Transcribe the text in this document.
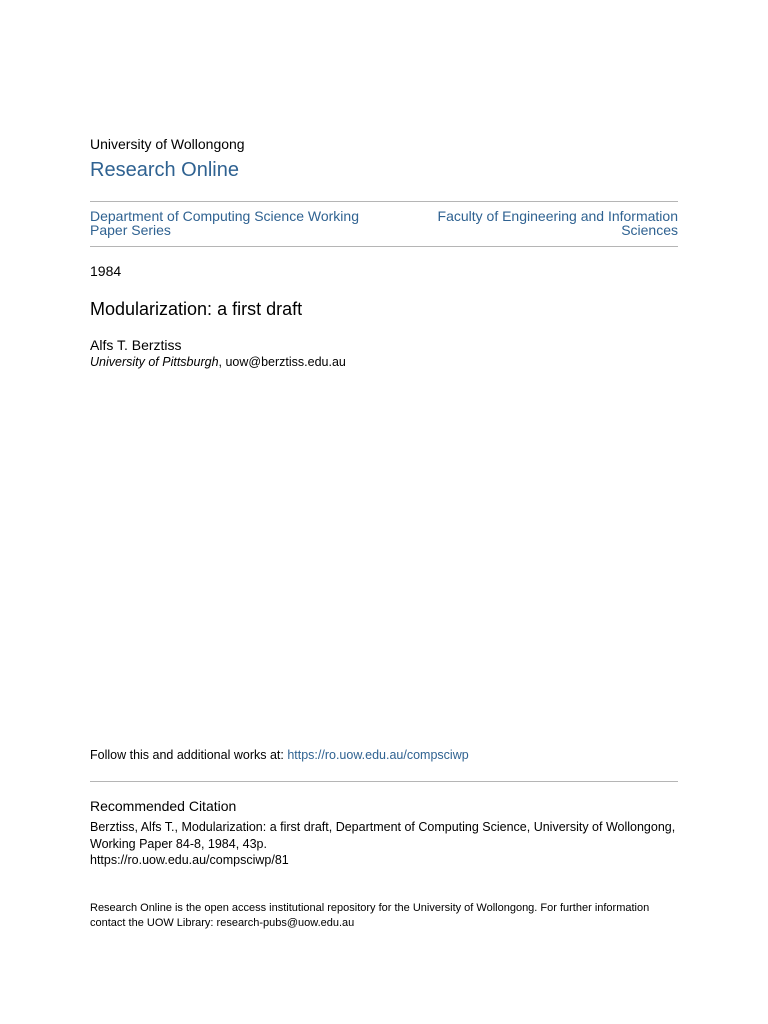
University of Wollongong
Research Online
Department of Computing Science Working Paper Series
Faculty of Engineering and Information Sciences
1984
Modularization: a first draft
Alfs T. Berztiss
University of Pittsburgh, uow@berztiss.edu.au
Follow this and additional works at: https://ro.uow.edu.au/compsciwp
Recommended Citation
Berztiss, Alfs T., Modularization: a first draft, Department of Computing Science, University of Wollongong,
Working Paper 84-8, 1984, 43p.
https://ro.uow.edu.au/compsciwp/81
Research Online is the open access institutional repository for the University of Wollongong. For further information
contact the UOW Library: research-pubs@uow.edu.au
